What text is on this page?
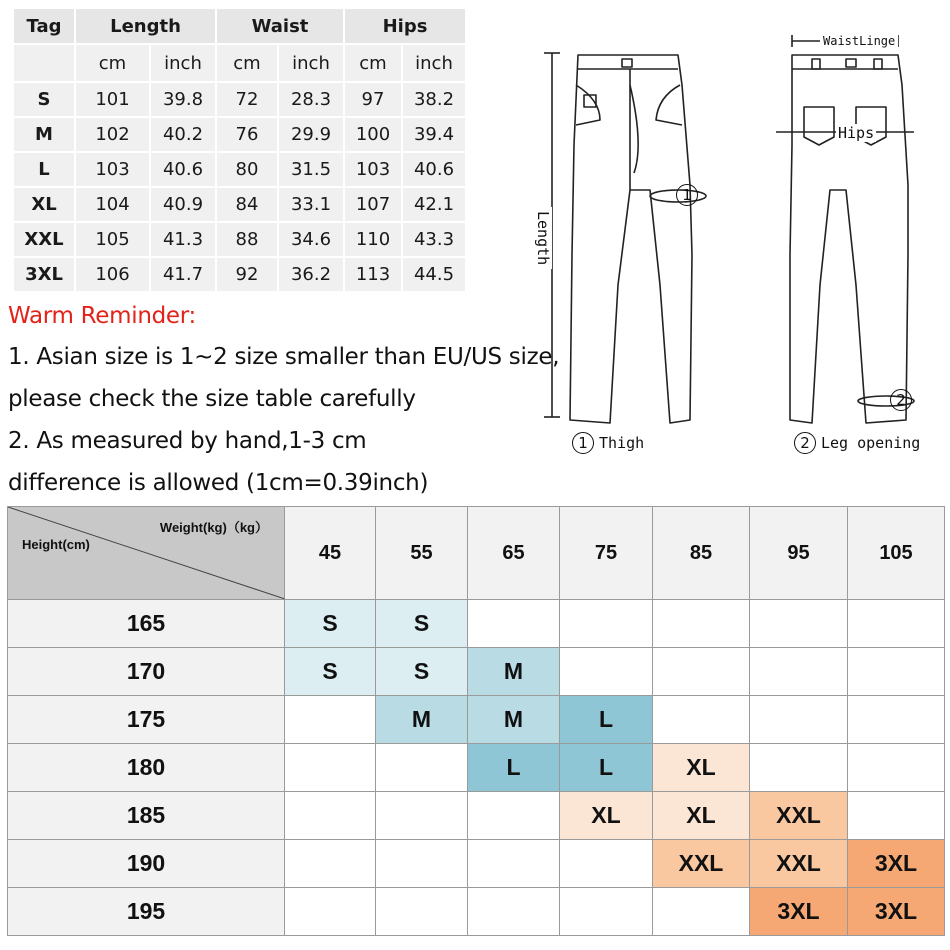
Tag	Length		Waist		Hips	
	cm	inch	cm	inch	cm	inch
S	101	39.8	72	28.3	97	38.2
M	102	40.2	76	29.9	100	39.4
L	103	40.6	80	31.5	103	40.6
XL	104	40.9	84	33.1	107	42.1
XXL	105	41.3	88	34.6	110	43.3
3XL	106	41.7	92	36.2	113	44.5
Warm Reminder:
1. Asian size is 1~2 size smaller than EU/US size,
please check the size table carefully
2. As measured by hand,1-3 cm
difference is allowed (1cm=0.39inch)
WaistLinge
Hips
Length
1
2
1 Thigh	2 Leg opening
Weight(kg)（kg）
Height(cm)	45	55	65	75	85	95	105
165	S	S					
170	S	S	M				
175		M	M	L			
180			L	L	XL		
185				XL	XL	XXL	
190					XXL	XXL	3XL
195						3XL	3XL
